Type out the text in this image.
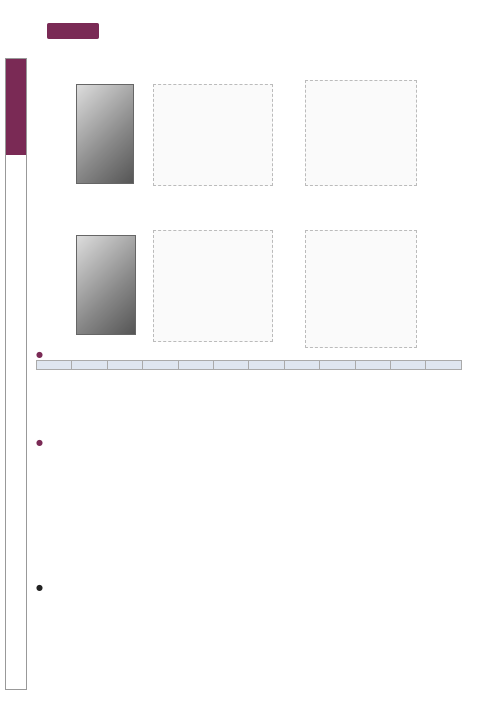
●

●
●
